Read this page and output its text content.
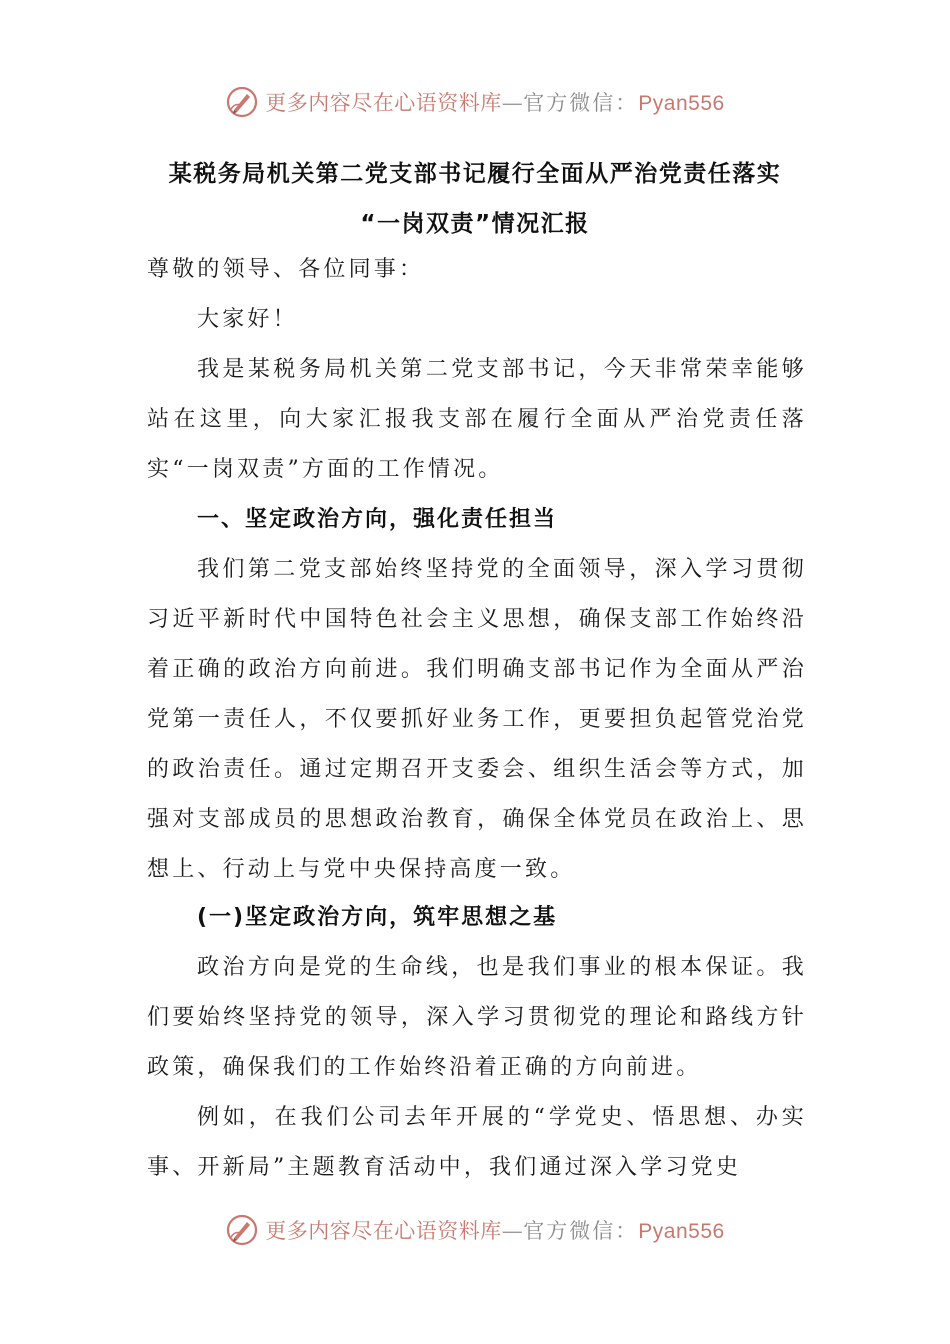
更多内容尽在心语资料库—官方微信：Pyan556
某税务局机关第二党支部书记履行全面从严治党责任落实
“一岗双责”情况汇报
尊敬的领导、各位同事：
大家好！
我是某税务局机关第二党支部书记，今天非常荣幸能够站在这里，向大家汇报我支部在履行全面从严治党责任落实“一岗双责”方面的工作情况。
一、坚定政治方向，强化责任担当
我们第二党支部始终坚持党的全面领导，深入学习贯彻习近平新时代中国特色社会主义思想，确保支部工作始终沿着正确的政治方向前进。我们明确支部书记作为全面从严治党第一责任人，不仅要抓好业务工作，更要担负起管党治党的政治责任。通过定期召开支委会、组织生活会等方式，加强对支部成员的思想政治教育，确保全体党员在政治上、思想上、行动上与党中央保持高度一致。
(一)坚定政治方向，筑牢思想之基
政治方向是党的生命线，也是我们事业的根本保证。我们要始终坚持党的领导，深入学习贯彻党的理论和路线方针政策，确保我们的工作始终沿着正确的方向前进。
例如，在我们公司去年开展的“学党史、悟思想、办实事、开新局”主题教育活动中，我们通过深入学习党史
更多内容尽在心语资料库—官方微信：Pyan556
